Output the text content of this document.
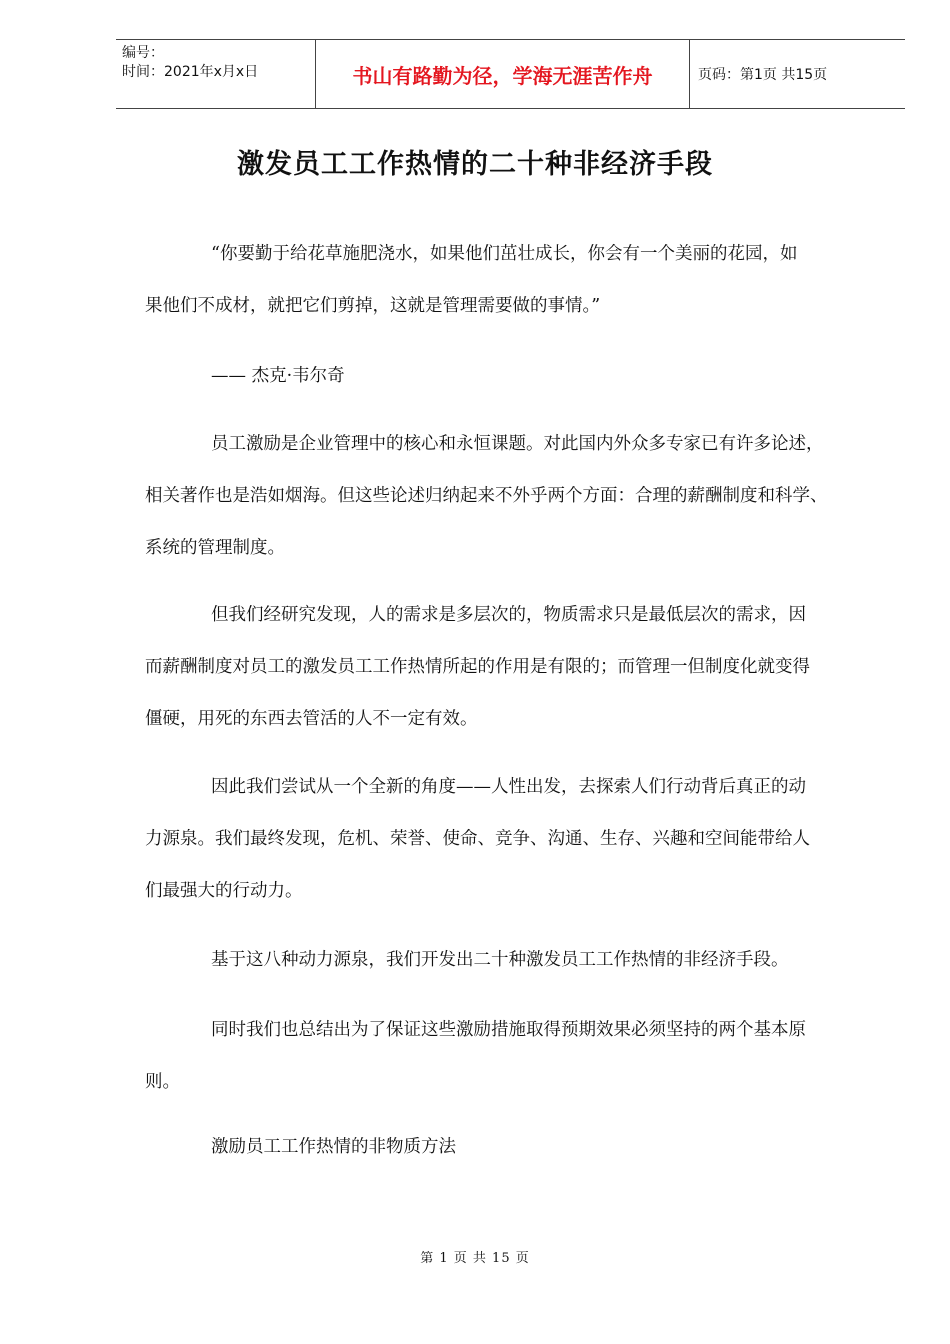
编号：
时间：2021年x月x日	书山有路勤为径，学海无涯苦作舟	页码：第1页 共15页
激发员工工作热情的二十种非经济手段
“你要勤于给花草施肥浇水，如果他们茁壮成长，你会有一个美丽的花园，如
果他们不成材，就把它们剪掉，这就是管理需要做的事情。”
—— 杰克·韦尔奇
员工激励是企业管理中的核心和永恒课题。对此国内外众多专家已有许多论述，
相关著作也是浩如烟海。但这些论述归纳起来不外乎两个方面：合理的薪酬制度和科学、
系统的管理制度。
但我们经研究发现，人的需求是多层次的，物质需求只是最低层次的需求，因
而薪酬制度对员工的激发员工工作热情所起的作用是有限的；而管理一但制度化就变得
僵硬，用死的东西去管活的人不一定有效。
因此我们尝试从一个全新的角度——人性出发，去探索人们行动背后真正的动
力源泉。我们最终发现，危机、荣誉、使命、竞争、沟通、生存、兴趣和空间能带给人
们最强大的行动力。
基于这八种动力源泉，我们开发出二十种激发员工工作热情的非经济手段。
同时我们也总结出为了保证这些激励措施取得预期效果必须坚持的两个基本原
则。
激励员工工作热情的非物质方法
第 1 页 共 15 页
